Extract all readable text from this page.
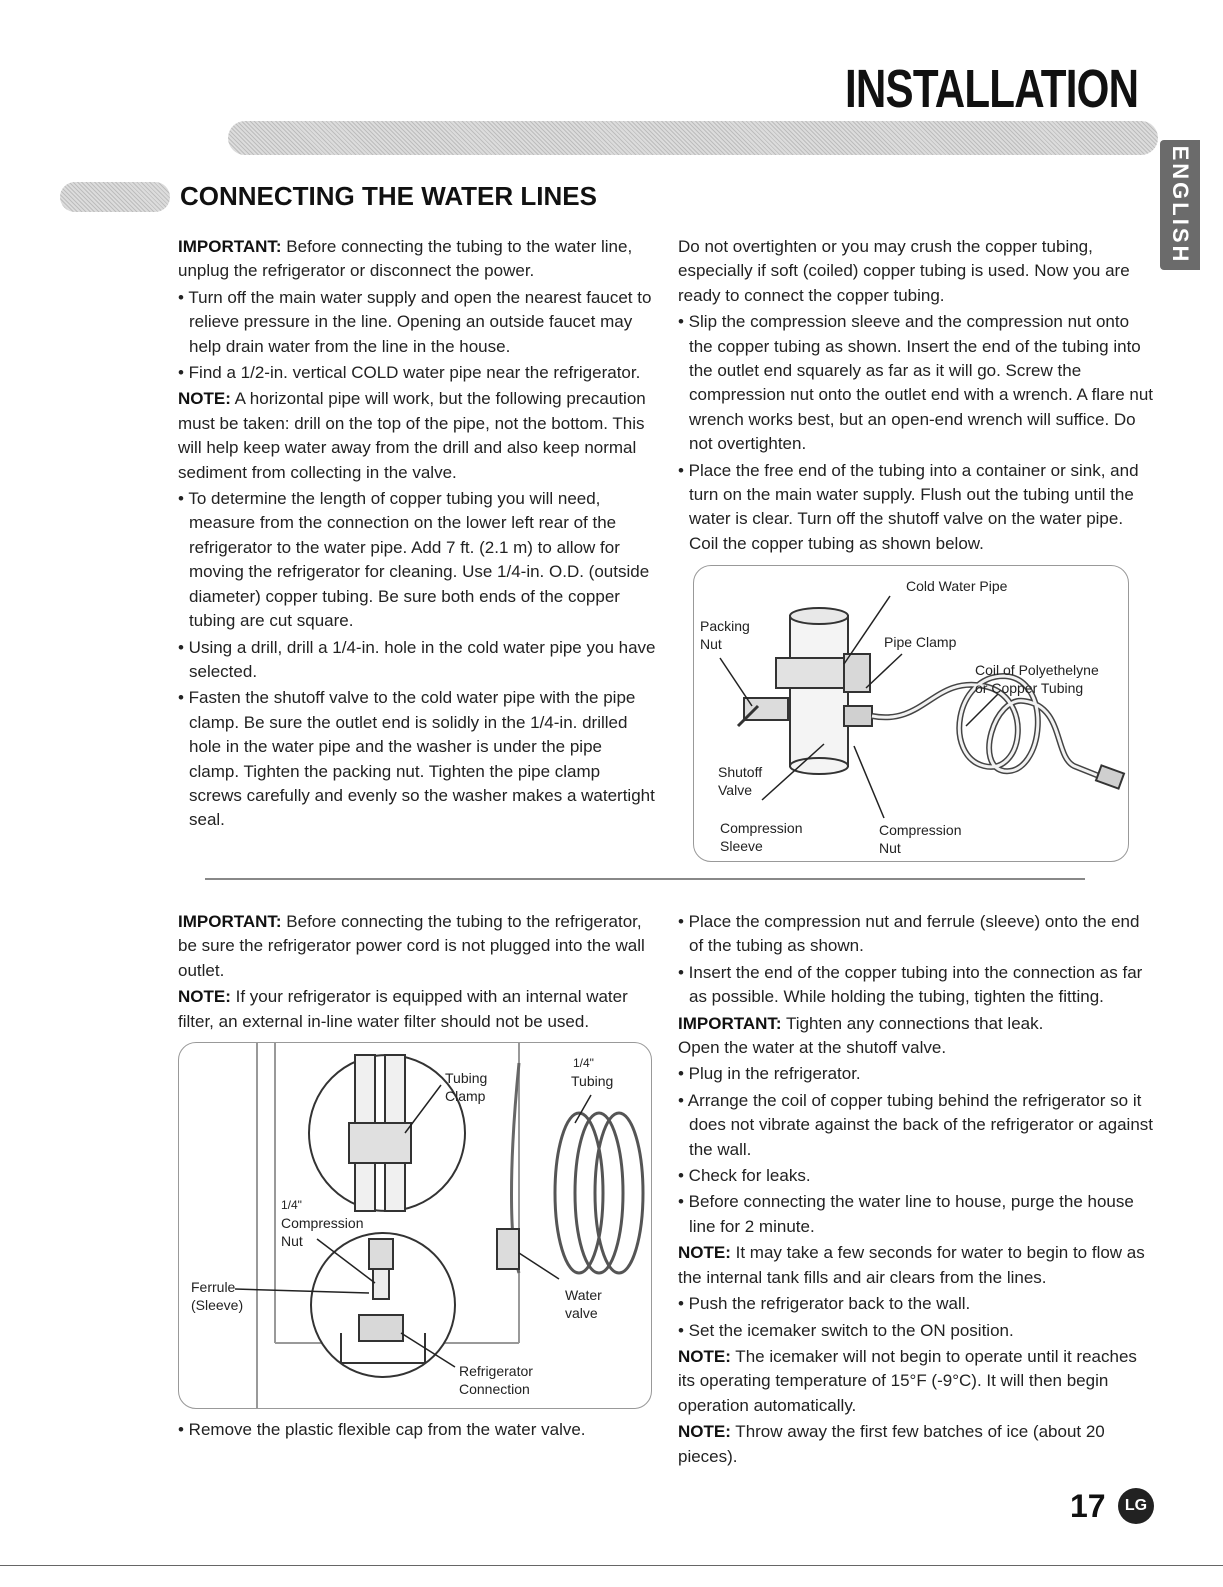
INSTALLATION
ENGLISH
CONNECTING THE WATER LINES

IMPORTANT: Before connecting the tubing to the water line, unplug the refrigerator or disconnect the power.

• Turn off the main water supply and open the nearest faucet to relieve pressure in the line. Opening an outside faucet may help drain water from the line in the house.

• Find a 1/2-in. vertical COLD water pipe near the refrigerator.

NOTE: A horizontal pipe will work, but the following precaution must be taken: drill on the top of the pipe, not the bottom. This will help keep water away from the drill and also keep normal sediment from collecting in the valve.

• To determine the length of copper tubing you will need, measure from the connection on the lower left rear of the refrigerator to the water pipe. Add 7 ft. (2.1 m) to allow for moving the refrigerator for cleaning. Use 1/4-in. O.D. (outside diameter) copper tubing. Be sure both ends of the copper tubing are cut square.

• Using a drill, drill a 1/4-in. hole in the cold water pipe you have selected.

• Fasten the shutoff valve to the cold water pipe with the pipe clamp. Be sure the outlet end is solidly in the 1/4-in. drilled hole in the water pipe and the washer is under the pipe clamp. Tighten the packing nut. Tighten the pipe clamp screws carefully and evenly so the washer makes a watertight seal.

Do not overtighten or you may crush the copper tubing, especially if soft (coiled) copper tubing is used. Now you are ready to connect the copper tubing.

• Slip the compression sleeve and the compression nut onto the copper tubing as shown. Insert the end of the tubing into the outlet end squarely as far as it will go. Screw the compression nut onto the outlet end with a wrench. A flare nut wrench works best, but an open-end wrench will suffice. Do not overtighten.

• Place the free end of the tubing into a container or sink, and turn on the main water supply. Flush out the tubing until the water is clear. Turn off the shutoff valve on the water pipe. Coil the copper tubing as shown below.

Cold Water Pipe
Packing
Nut	Pipe Clamp
Coil of Polyethelyne
or Copper Tubing
Shutoff
Valve
Compression
Sleeve
Compression
Nut

IMPORTANT: Before connecting the tubing to the refrigerator, be sure the refrigerator power cord is not plugged into the wall outlet.

NOTE: If your refrigerator is equipped with an internal water filter, an external in-line water filter should not be used.

Tubing
Clamp
1/4"
Tubing
1/4"
Compression
Nut
Ferrule
(Sleeve)
Water
valve
Refrigerator
Connection

• Remove the plastic flexible cap from the water valve.

• Place the compression nut and ferrule (sleeve) onto the end of the tubing as shown.

• Insert the end of the copper tubing into the connection as far as possible. While holding the tubing, tighten the fitting.

IMPORTANT: Tighten any connections that leak.
Open the water at the shutoff valve.

• Plug in the refrigerator.

• Arrange the coil of copper tubing behind the refrigerator so it does not vibrate against the back of the refrigerator or against the wall.

• Check for leaks.

• Before connecting the water line to house, purge the house line for 2 minute.

NOTE: It may take a few seconds for water to begin to flow as the internal tank fills and air clears from the lines.

• Push the refrigerator back to the wall.

• Set the icemaker switch to the ON position.

NOTE: The icemaker will not begin to operate until it reaches its operating temperature of 15°F (-9°C). It will then begin operation automatically.

NOTE: Throw away the first few batches of ice (about 20 pieces).

17	LG
